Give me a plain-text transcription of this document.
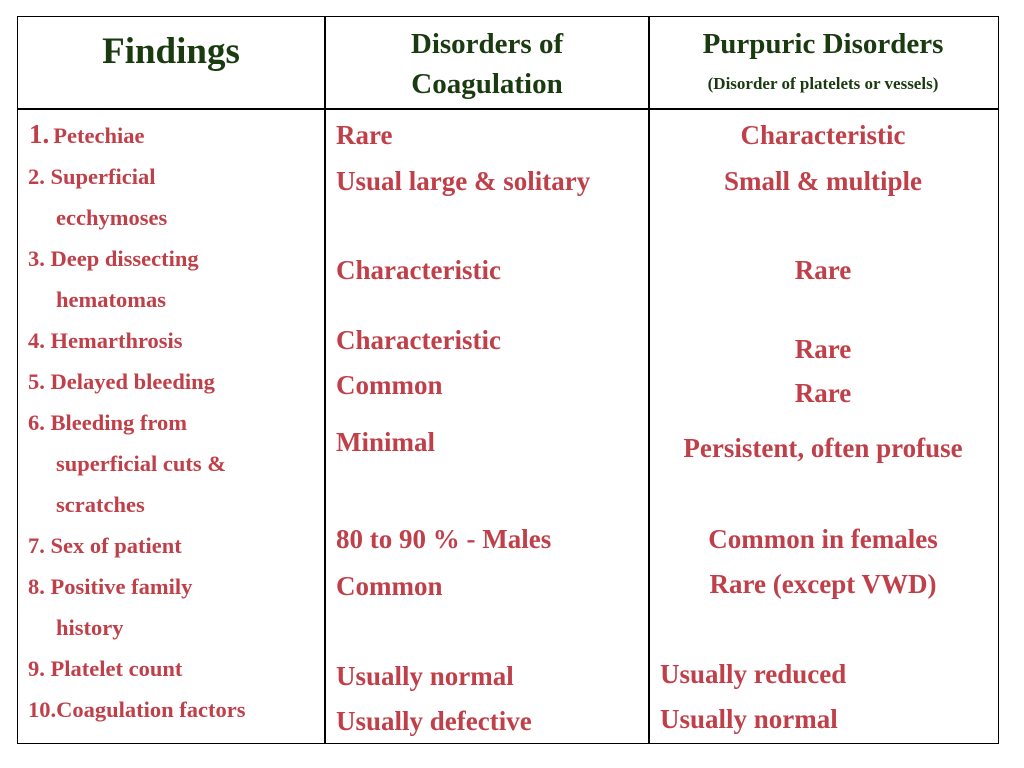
Findings	Disorders of
Coagulation
Purpuric Disorders
(Disorder of platelets or vessels)
1. Petechiae
2. Superficial
ecchymoses
3. Deep dissecting
hematomas
4. Hemarthrosis
5. Delayed bleeding
6. Bleeding from
superficial cuts &
scratches
7. Sex of patient
8. Positive family
history
9. Platelet count
10.Coagulation factors
Rare
Usual large & solitary
Characteristic
Characteristic
Common
Minimal
80 to 90 % - Males
Common
Usually normal
Usually defective
Characteristic
Small & multiple
Rare
Rare
Rare
Persistent, often profuse
Common in females
Rare (except VWD)
Usually reduced
Usually normal
